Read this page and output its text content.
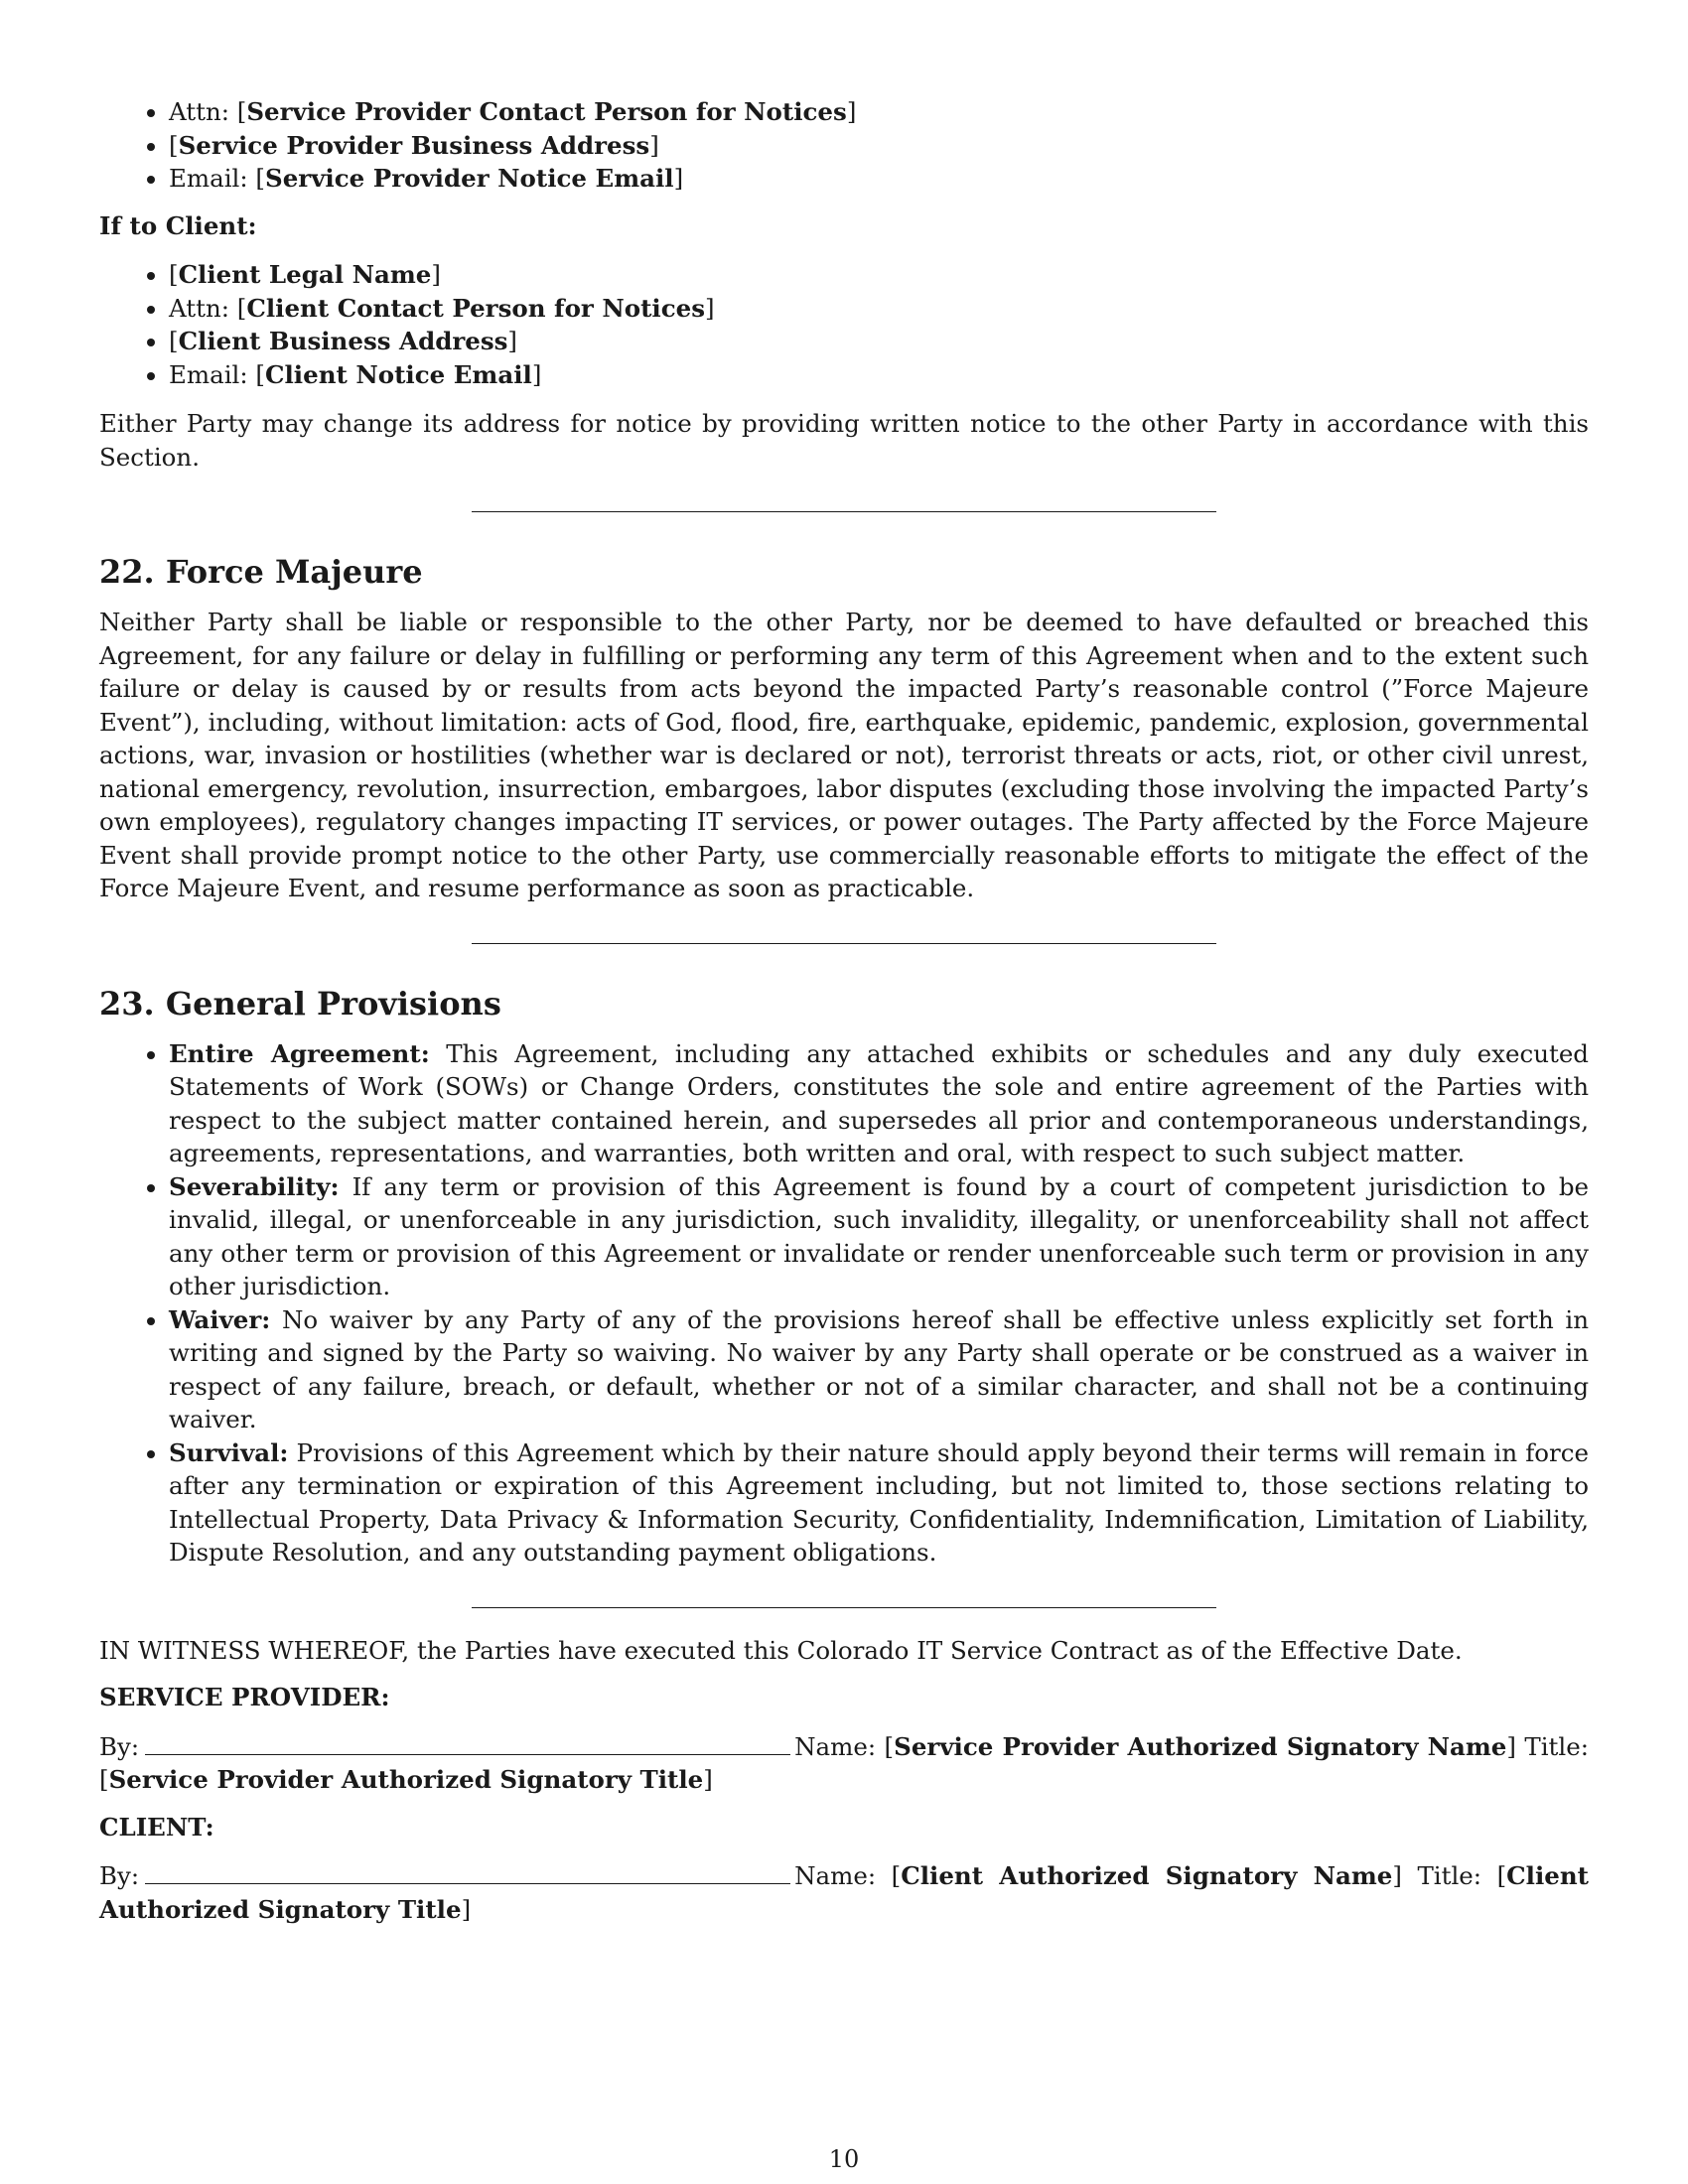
• Attn: [Service Provider Contact Person for Notices]
• [Service Provider Business Address]
• Email: [Service Provider Notice Email]

If to Client:

• [Client Legal Name]
• Attn: [Client Contact Person for Notices]
• [Client Business Address]
• Email: [Client Notice Email]

Either Party may change its address for notice by providing written notice to the other Party in accordance with this Section.

22. Force Majeure

Neither Party shall be liable or responsible to the other Party, nor be deemed to have defaulted or breached this Agreement, for any failure or delay in fulfilling or performing any term of this Agreement when and to the extent such failure or delay is caused by or results from acts beyond the impacted Party’s reasonable control (”Force Majeure Event”), including, without limitation: acts of God, flood, fire, earthquake, epidemic, pandemic, explosion, governmental actions, war, invasion or hostilities (whether war is declared or not), terrorist threats or acts, riot, or other civil unrest, national emergency, revolution, insurrection, embargoes, labor disputes (excluding those involving the impacted Party’s own employees), regulatory changes impacting IT services, or power outages. The Party affected by the Force Majeure Event shall provide prompt notice to the other Party, use commercially reasonable efforts to mitigate the effect of the Force Majeure Event, and resume performance as soon as practicable.

23. General Provisions
• Entire Agreement: This Agreement, including any attached exhibits or schedules and any duly executed Statements of Work (SOWs) or Change Orders, constitutes the sole and entire agreement of the Parties with respect to the subject matter contained herein, and supersedes all prior and contemporaneous understandings, agreements, representations, and warranties, both written and oral, with respect to such subject matter.
• Severability: If any term or provision of this Agreement is found by a court of competent jurisdiction to be invalid, illegal, or unenforceable in any jurisdiction, such invalidity, illegality, or unenforceability shall not affect any other term or provision of this Agreement or invalidate or render unenforceable such term or provision in any other jurisdiction.
• Waiver: No waiver by any Party of any of the provisions hereof shall be effective unless explicitly set forth in writing and signed by the Party so waiving. No waiver by any Party shall operate or be construed as a waiver in respect of any failure, breach, or default, whether or not of a similar character, and shall not be a continuing waiver.
• Survival: Provisions of this Agreement which by their nature should apply beyond their terms will remain in force after any termination or expiration of this Agreement including, but not limited to, those sections relating to Intellectual Property, Data Privacy & Information Security, Confidentiality, Indemnification, Limitation of Liability, Dispute Resolution, and any outstanding payment obligations.

IN WITNESS WHEREOF, the Parties have executed this Colorado IT Service Contract as of the Effective Date.

SERVICE PROVIDER:

By:	Name: [Service Provider Authorized Signatory Name] Title: [Service Provider Authorized Signatory Title]

CLIENT:

By:	Name: [Client Authorized Signatory Name] Title: [Client Authorized Signatory Title]

10
